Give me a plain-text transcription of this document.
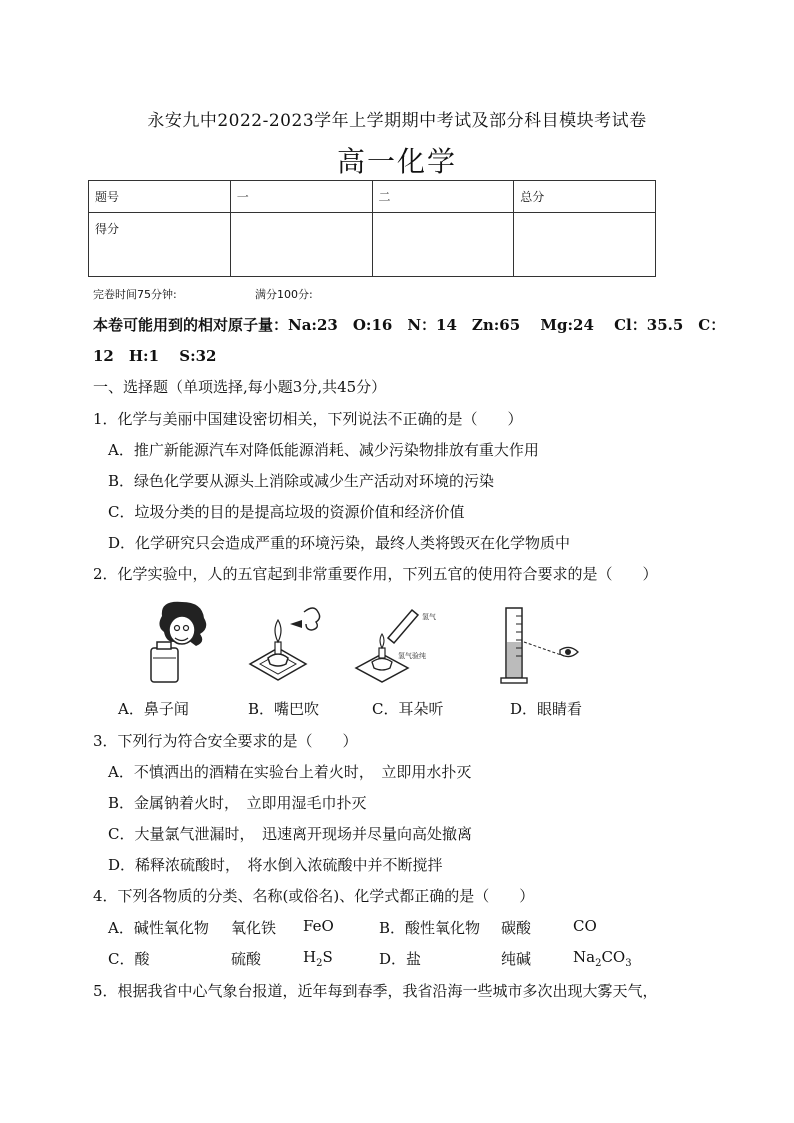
永安九中2022-2023学年上学期期中考试及部分科目模块考试卷
高一化学
题号	一	二	总分
得分			
完卷时间75分钟:	满分100分:
本卷可能用到的相对原子量：Na:23　O:16　N：14　Zn:65　 Mg:24　 Cl：35.5　C：
12　H:1　 S:32
一、选择题（单项选择,每小题3分,共45分）
1．化学与美丽中国建设密切相关，下列说法不正确的是（　　）
A．推广新能源汽车对降低能源消耗、减少污染物排放有重大作用
B．绿色化学要从源头上消除或减少生产活动对环境的污染
C．垃圾分类的目的是提高垃圾的资源价值和经济价值
D．化学研究只会造成严重的环境污染，最终人类将毁灭在化学物质中
2．化学实验中，人的五官起到非常重要作用，下列五官的使用符合要求的是（　　）
氢气
氢气验纯
A．鼻子闻	B．嘴巴吹	C．耳朵听	D．眼睛看
3．下列行为符合安全要求的是（　　）
A．不慎洒出的酒精在实验台上着火时，　立即用水扑灭
B．金属钠着火时，　立即用湿毛巾扑灭
C．大量氯气泄漏时，　迅速离开现场并尽量向高处撤离
D．稀释浓硫酸时，　将水倒入浓硫酸中并不断搅拌
4．下列各物质的分类、名称(或俗名)、化学式都正确的是（　　）
A．碱性氧化物 氧化铁 FeO	B．酸性氧化物 碳酸	CO
C．酸	硫酸	$H_2S$	D．盐	纯碱	$Na_2CO_3$
5．根据我省中心气象台报道，近年每到春季，我省沿海一些城市多次出现大雾天气，
